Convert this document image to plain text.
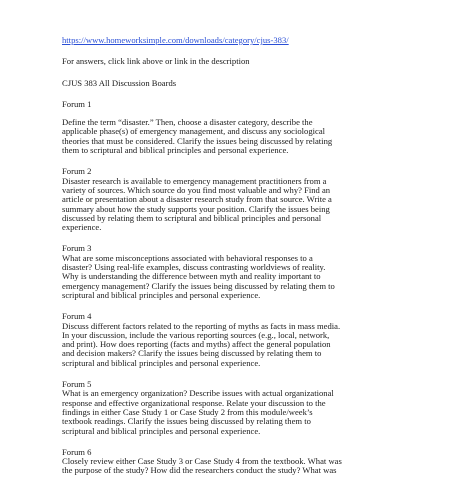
https://www.homeworksimple.com/downloads/category/cjus-383/
For answers, click link above or link in the description
CJUS 383 All Discussion Boards
Forum 1
Define the term “disaster.” Then, choose a disaster category, describe the
applicable phase(s) of emergency management, and discuss any sociological
theories that must be considered. Clarify the issues being discussed by relating
them to scriptural and biblical principles and personal experience.
Forum 2
Disaster research is available to emergency management practitioners from a
variety of sources. Which source do you find most valuable and why? Find an
article or presentation about a disaster research study from that source. Write a
summary about how the study supports your position. Clarify the issues being
discussed by relating them to scriptural and biblical principles and personal
experience.
Forum 3
What are some misconceptions associated with behavioral responses to a
disaster? Using real-life examples, discuss contrasting worldviews of reality.
Why is understanding the difference between myth and reality important to
emergency management? Clarify the issues being discussed by relating them to
scriptural and biblical principles and personal experience.
Forum 4
Discuss different factors related to the reporting of myths as facts in mass media.
In your discussion, include the various reporting sources (e.g., local, network,
and print). How does reporting (facts and myths) affect the general population
and decision makers? Clarify the issues being discussed by relating them to
scriptural and biblical principles and personal experience.
Forum 5
What is an emergency organization? Describe issues with actual organizational
response and effective organizational response. Relate your discussion to the
findings in either Case Study 1 or Case Study 2 from this module/week’s
textbook readings. Clarify the issues being discussed by relating them to
scriptural and biblical principles and personal experience.
Forum 6
Closely review either Case Study 3 or Case Study 4 from the textbook. What was
the purpose of the study? How did the researchers conduct the study? What was
